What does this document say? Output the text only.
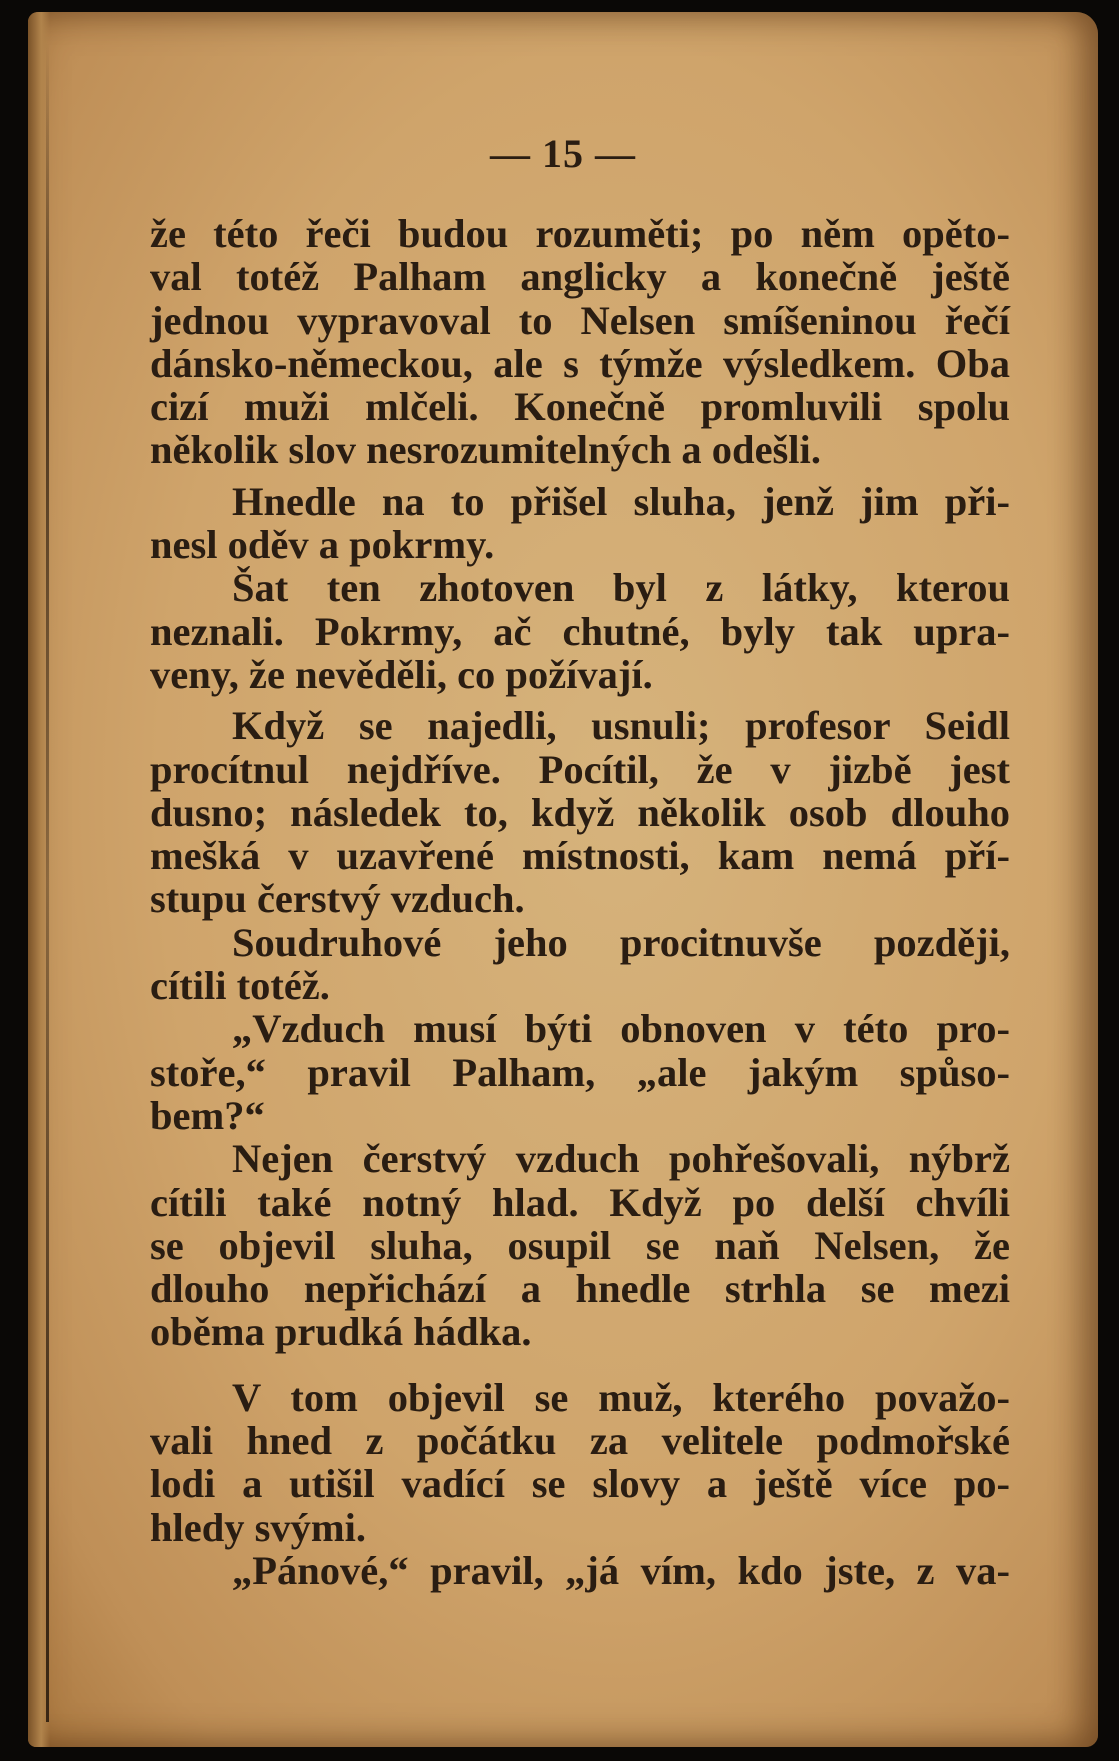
— 15 —
že této řeči budou rozuměti; po něm opěto-
val totéž Palham anglicky a konečně ještě
jednou vypravoval to Nelsen smíšeninou řečí
dánsko-německou, ale s týmže výsledkem. Oba
cizí muži mlčeli. Konečně promluvili spolu
několik slov nesrozumitelných a odešli.
Hnedle na to přišel sluha, jenž jim při-
nesl oděv a pokrmy.
Šat ten zhotoven byl z látky, kterou
neznali. Pokrmy, ač chutné, byly tak upra-
veny, že nevěděli, co požívají.
Když se najedli, usnuli; profesor Seidl
procítnul nejdříve. Pocítil, že v jizbě jest
dusno; následek to, když několik osob dlouho
mešká v uzavřené místnosti, kam nemá pří-
stupu čerstvý vzduch.
Soudruhové jeho procitnuvše později,
cítili totéž.
„Vzduch musí býti obnoven v této pro-
stoře,“ pravil Palham, „ale jakým spůso-
bem?“
Nejen čerstvý vzduch pohřešovali, nýbrž
cítili také notný hlad. Když po delší chvíli
se objevil sluha, osupil se naň Nelsen, že
dlouho nepřichází a hnedle strhla se mezi
oběma prudká hádka.
V tom objevil se muž, kterého považo-
vali hned z počátku za velitele podmořské
lodi a utišil vadící se slovy a ještě více po-
hledy svými.
„Pánové,“ pravil, „já vím, kdo jste, z va-
